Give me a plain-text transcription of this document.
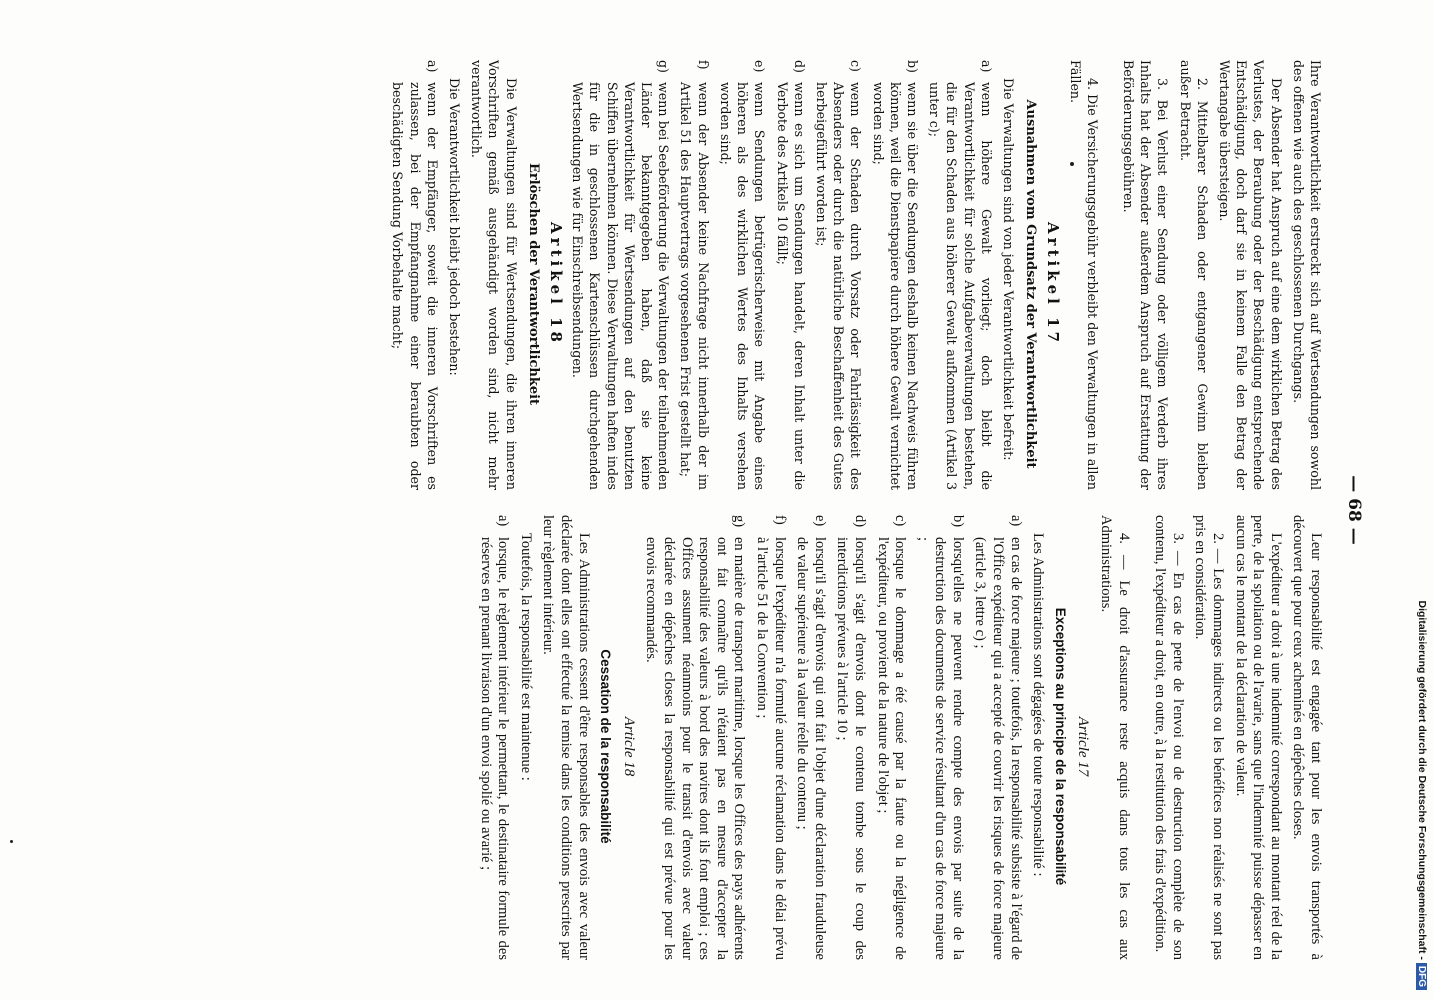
— 68 —

Ihre Verantwortlichkeit erstreckt sich auf Wertsendungen sowohl des offenen wie auch des geschlossenen Durchgangs.

Der Absender hat Anspruch auf eine dem wirklichen Betrag des Verlustes, der Beraubung oder der Beschädigung entsprechende Entschädigung, doch darf sie in keinem Falle den Betrag der Wertangabe übersteigen.

2. Mittelbarer Schaden oder entgangener Gewinn bleiben außer Betracht.

3. Bei Verlust einer Sendung oder völligem Verderb ihres Inhalts hat der Absender außerdem Anspruch auf Erstattung der Beförderungsgebühren.

4. Die Versicherungsgebühr verbleibt den Verwaltungen in allen Fällen.

Artikel 17

Ausnahmen vom Grundsatz der Verantwortlichkeit

Die Verwaltungen sind von jeder Verantwortlichkeit befreit:

a)
wenn höhere Gewalt vorliegt; doch bleibt die Verantwortlichkeit für solche Aufgabeverwaltungen bestehen, die für den Schaden aus höherer Gewalt aufkommen (Artikel 3 unter c);
b)
wenn sie über die Sendungen deshalb keinen Nachweis führen können, weil die Dienstpapiere durch höhere Gewalt vernichtet worden sind;
c)
wenn der Schaden durch Vorsatz oder Fahrlässigkeit des Absenders oder durch die natürliche Beschaffenheit des Gutes herbeigeführt worden ist;
d)
wenn es sich um Sendungen handelt, deren Inhalt unter die Verbote des Artikels 10 fällt;
e)
wenn Sendungen betrügerischerweise mit Angabe eines höheren als des wirklichen Wertes des Inhalts versehen worden sind;
f)
wenn der Absender keine Nachfrage nicht innerhalb der im Artikel 51 des Hauptvertrags vorgesehenen Frist gestellt hat;
g)
wenn bei Seebeförderung die Verwaltungen der teilnehmenden Länder bekanntgegeben haben, daß sie keine Verantwortlichkeit für Wertsendungen auf den benutzten Schiffen übernehmen können. Diese Verwaltungen haften indes für die in geschlossenen Kartenschlüssen durchgehenden Wertsendungen wie für Einschreibsendungen.

Artikel 18

Erlöschen der Verantwortlichkeit

Die Verwaltungen sind für Wertsendungen, die ihren inneren Vorschriften gemäß ausgehändigt worden sind, nicht mehr verantwortlich.

Die Verantwortlichkeit bleibt jedoch bestehen:

a)
wenn der Empfänger, soweit die inneren Vorschriften es zulassen, bei der Empfangnahme einer beraubten oder beschädigten Sendung Vorbehalte macht;

Leur responsabilité est engagée tant pour les envois transportés à découvert que pour ceux acheminés en dépêches closes.

L'expéditeur a droit à une indemnité correspondant au montant réel de la perte, de la spoliation ou de l'avarie, sans que l'indemnité puisse dépasser en aucun cas le montant de la déclaration de valeur.

2. — Les dommages indirects ou les bénéfices non réalisés ne sont pas pris en considération.

3. — En cas de perte de l'envoi ou de destruction complète de son contenu, l'expéditeur a droit, en outre, à la restitution des frais d'expédition.

4. — Le droit d'assurance reste acquis dans tous les cas aux Administrations.

Article 17

Exceptions au principe de la responsabilité

Les Administrations sont dégagées de toute responsabilité :

a)
en cas de force majeure ; toutefois, la responsabilité subsiste à l'égard de l'Office expéditeur qui a accepté de couvrir les risques de force majeure (article 3, lettre c) ;
b)
lorsqu'elles ne peuvent rendre compte des envois par suite de la destruction des documents de service résultant d'un cas de force majeure ;
c)
lorsque le dommage a été causé par la faute ou la négligence de l'expéditeur, ou provient de la nature de l'objet ;
d)
lorsqu'il s'agit d'envois dont le contenu tombe sous le coup des interdictions prévues à l'article 10 ;
e)
lorsqu'il s'agit d'envois qui ont fait l'objet d'une déclaration frauduleuse de valeur supérieure à la valeur réelle du contenu ;
f)
lorsque l'expéditeur n'a formulé aucune réclamation dans le délai prévu à l'article 51 de la Convention ;
g)
en matière de transport maritime, lorsque les Offices des pays adhérents ont fait connaître qu'ils n'étaient pas en mesure d'accepter la responsabilité des valeurs à bord des navires dont ils font emploi ; ces Offices assument néanmoins pour le transit d'envois avec valeur déclarée en dépêches closes la responsabilité qui est prévue pour les envois recommandés.

Article 18

Cessation de la responsabilité

Les Administrations cessent d'être responsables des envois avec valeur déclarée dont elles ont effectué la remise dans les conditions prescrites par leur règlement intérieur.

Toutefois, la responsabilité est maintenue :

a)
lorsque, le règlement intérieur le permettant, le destinataire formule des réserves en prenant livraison d'un envoi spolié ou avarié ;	Digitalisierung gefördert durch die Deutsche Forschungsgemeinschaft -DFG
